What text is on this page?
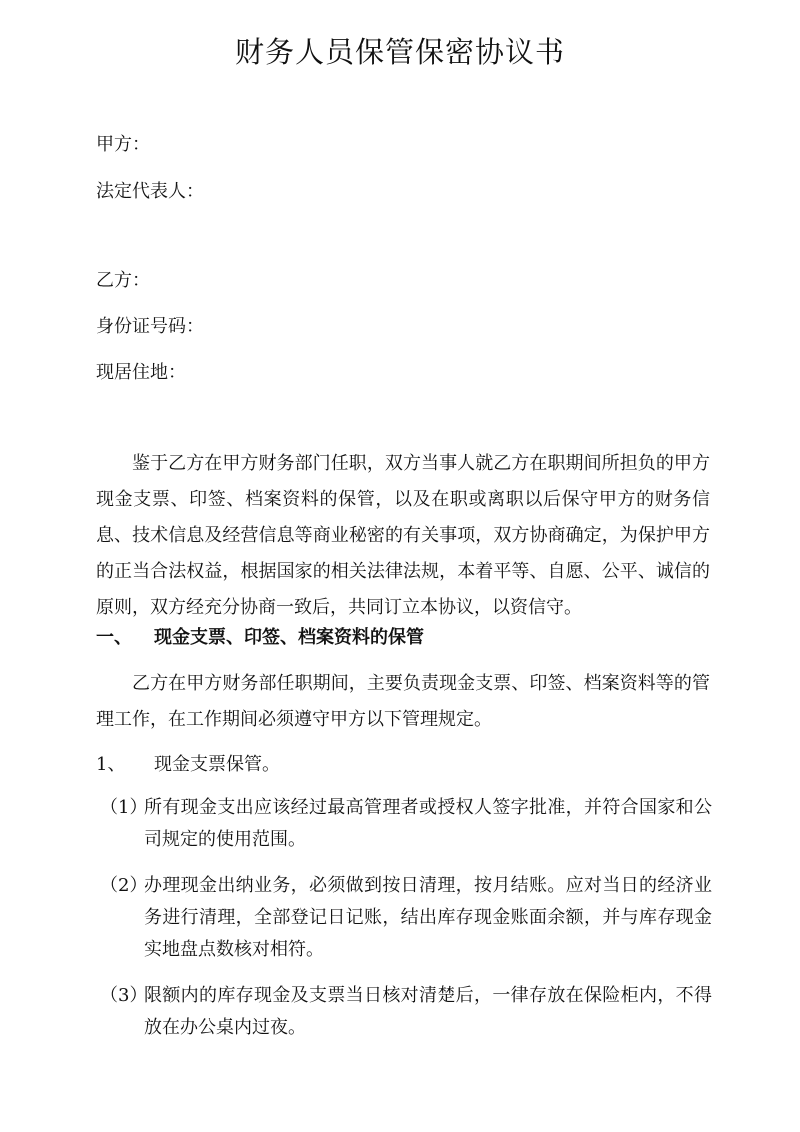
财务人员保管保密协议书
甲方：
法定代表人：
乙方：
身份证号码：
现居住地：
鉴于乙方在甲方财务部门任职，双方当事人就乙方在职期间所担负的甲方现金支票、印签、档案资料的保管，以及在职或离职以后保守甲方的财务信息、技术信息及经营信息等商业秘密的有关事项，双方协商确定，为保护甲方的正当合法权益，根据国家的相关法律法规，本着平等、自愿、公平、诚信的原则，双方经充分协商一致后，共同订立本协议，以资信守。
一、 现金支票、印签、档案资料的保管
乙方在甲方财务部任职期间，主要负责现金支票、印签、档案资料等的管理工作，在工作期间必须遵守甲方以下管理规定。
1、 现金支票保管。
（1）
所有现金支出应该经过最高管理者或授权人签字批准，并符合国家和公司规定的使用范围。
（2）
办理现金出纳业务，必须做到按日清理，按月结账。应对当日的经济业务进行清理，全部登记日记账，结出库存现金账面余额，并与库存现金实地盘点数核对相符。
（3）
限额内的库存现金及支票当日核对清楚后，一律存放在保险柜内，不得放在办公桌内过夜。
